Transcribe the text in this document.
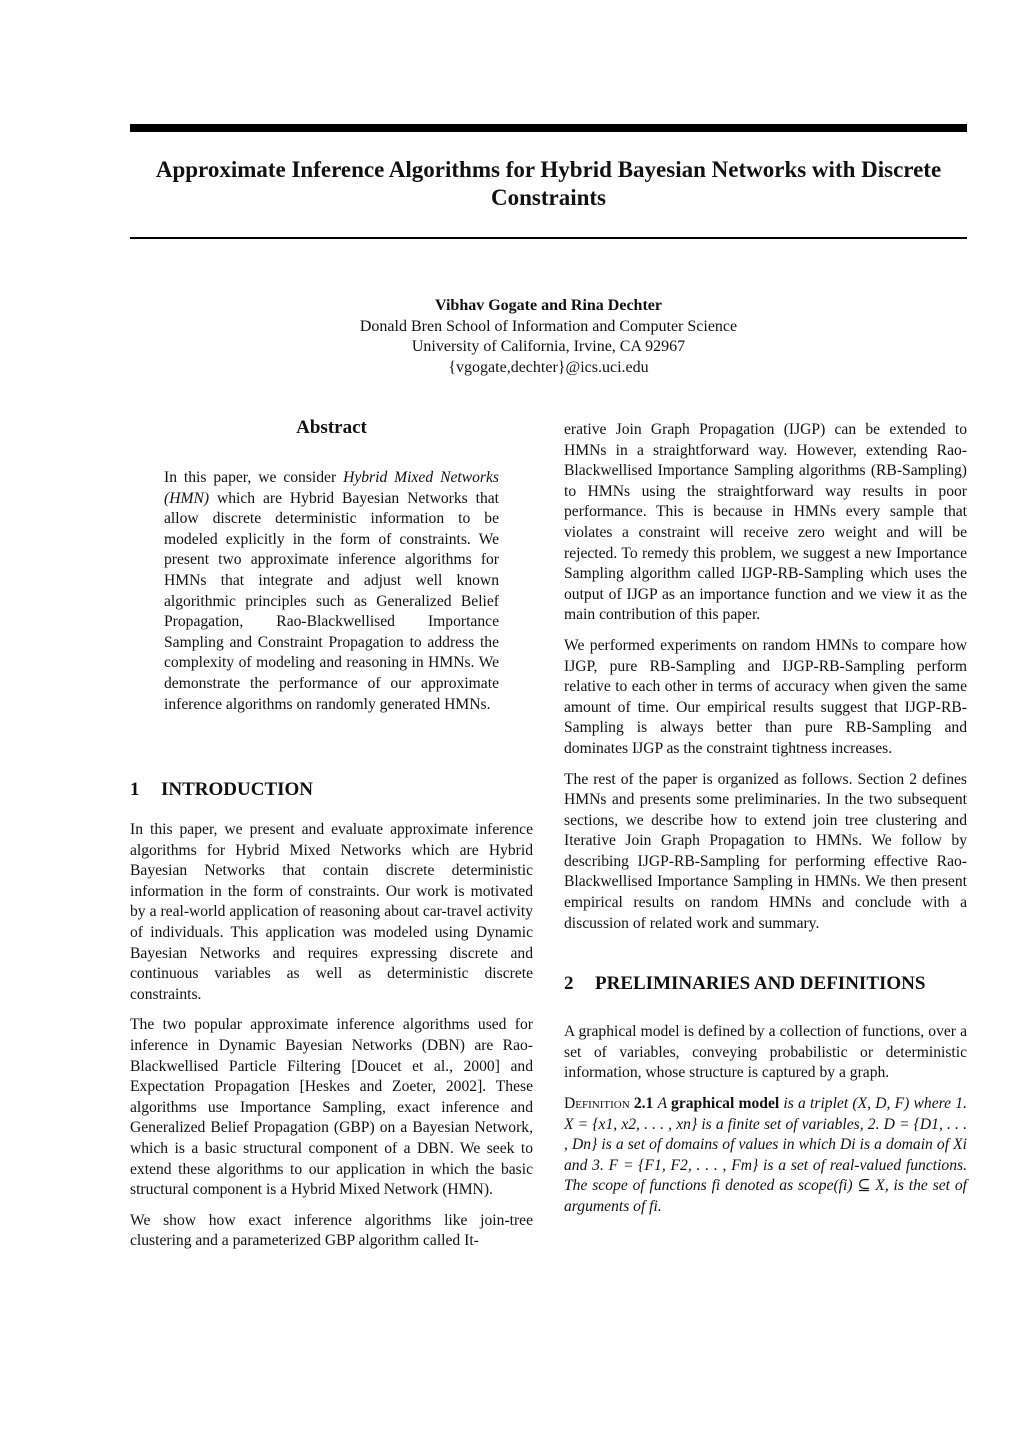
Approximate Inference Algorithms for Hybrid Bayesian Networks with Discrete Constraints
Vibhav Gogate and Rina Dechter
Donald Bren School of Information and Computer Science
University of California, Irvine, CA 92967
{vgogate,dechter}@ics.uci.edu
Abstract
In this paper, we consider Hybrid Mixed Networks (HMN) which are Hybrid Bayesian Networks that allow discrete deterministic information to be modeled explicitly in the form of constraints. We present two approximate inference algorithms for HMNs that integrate and adjust well known algorithmic principles such as Generalized Belief Propagation, Rao-Blackwellised Importance Sampling and Constraint Propagation to address the complexity of modeling and reasoning in HMNs. We demonstrate the performance of our approximate inference algorithms on randomly generated HMNs.
1 INTRODUCTION

In this paper, we present and evaluate approximate inference algorithms for Hybrid Mixed Networks which are Hybrid Bayesian Networks that contain discrete deterministic information in the form of constraints. Our work is motivated by a real-world application of reasoning about car-travel activity of individuals. This application was modeled using Dynamic Bayesian Networks and requires expressing discrete and continuous variables as well as deterministic discrete constraints.

The two popular approximate inference algorithms used for inference in Dynamic Bayesian Networks (DBN) are Rao-Blackwellised Particle Filtering [Doucet et al., 2000] and Expectation Propagation [Heskes and Zoeter, 2002]. These algorithms use Importance Sampling, exact inference and Generalized Belief Propagation (GBP) on a Bayesian Network, which is a basic structural component of a DBN. We seek to extend these algorithms to our application in which the basic structural component is a Hybrid Mixed Network (HMN).

We show how exact inference algorithms like join-tree clustering and a parameterized GBP algorithm called It-

erative Join Graph Propagation (IJGP) can be extended to HMNs in a straightforward way. However, extending Rao-Blackwellised Importance Sampling algorithms (RB-Sampling) to HMNs using the straightforward way results in poor performance. This is because in HMNs every sample that violates a constraint will receive zero weight and will be rejected. To remedy this problem, we suggest a new Importance Sampling algorithm called IJGP-RB-Sampling which uses the output of IJGP as an importance function and we view it as the main contribution of this paper.

We performed experiments on random HMNs to compare how IJGP, pure RB-Sampling and IJGP-RB-Sampling perform relative to each other in terms of accuracy when given the same amount of time. Our empirical results suggest that IJGP-RB-Sampling is always better than pure RB-Sampling and dominates IJGP as the constraint tightness increases.

The rest of the paper is organized as follows. Section 2 defines HMNs and presents some preliminaries. In the two subsequent sections, we describe how to extend join tree clustering and Iterative Join Graph Propagation to HMNs. We follow by describing IJGP-RB-Sampling for performing effective Rao-Blackwellised Importance Sampling in HMNs. We then present empirical results on random HMNs and conclude with a discussion of related work and summary.

2 PRELIMINARIES AND DEFINITIONS

A graphical model is defined by a collection of functions, over a set of variables, conveying probabilistic or deterministic information, whose structure is captured by a graph.

Definition 2.1 A graphical model is a triplet (X, D, F) where 1. X = {x1, x2, . . . , xn} is a finite set of variables, 2. D = {D1, . . . , Dn} is a set of domains of values in which Di is a domain of Xi and 3. F = {F1, F2, . . . , Fm} is a set of real-valued functions. The scope of functions fi denoted as scope(fi) ⊆ X, is the set of arguments of fi.
